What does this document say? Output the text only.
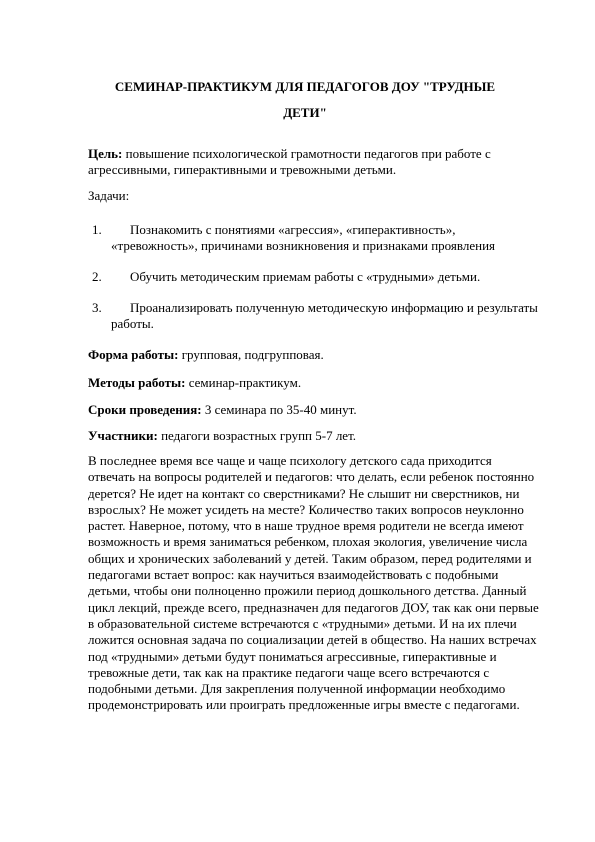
СЕМИНАР-ПРАКТИКУМ ДЛЯ ПЕДАГОГОВ ДОУ "ТРУДНЫЕ
ДЕТИ"
Цель: повышение психологической грамотности педагогов при работе с агрессивными, гиперактивными и тревожными детьми.
Задачи:
1.	Познакомить с понятиями «агрессия», «гиперактивность», «тревожность», причинами возникновения и признаками проявления
2.	Обучить методическим приемам работы с «трудными» детьми.
3.	Проанализировать полученную методическую информацию и результаты работы.
Форма работы: групповая, подгрупповая.
Методы работы: семинар-практикум.
Сроки проведения: 3 семинара по 35-40 минут.
Участники: педагоги возрастных групп 5-7 лет.
В последнее время все чаще и чаще психологу детского сада приходится отвечать на вопросы родителей и педагогов: что делать, если ребенок постоянно дерется? Не идет на контакт со сверстниками? Не слышит ни сверстников, ни взрослых? Не может усидеть на месте? Количество таких вопросов неуклонно растет. Наверное, потому, что в наше трудное время родители не всегда имеют возможность и время заниматься ребенком, плохая экология, увеличение числа общих и хронических заболеваний у детей. Таким образом, перед родителями и педагогами встает вопрос: как научиться взаимодействовать с подобными детьми, чтобы они полноценно прожили период дошкольного детства. Данный цикл лекций, прежде всего, предназначен для педагогов ДОУ, так как они первые в образовательной системе встречаются с «трудными» детьми. И на их плечи ложится основная задача по социализации детей в общество. На наших встречах под «трудными» детьми будут пониматься агрессивные, гиперактивные и тревожные дети, так как на практике педагоги чаще всего встречаются с подобными детьми. Для закрепления полученной информации необходимо продемонстрировать или проиграть предложенные игры вместе с педагогами.
